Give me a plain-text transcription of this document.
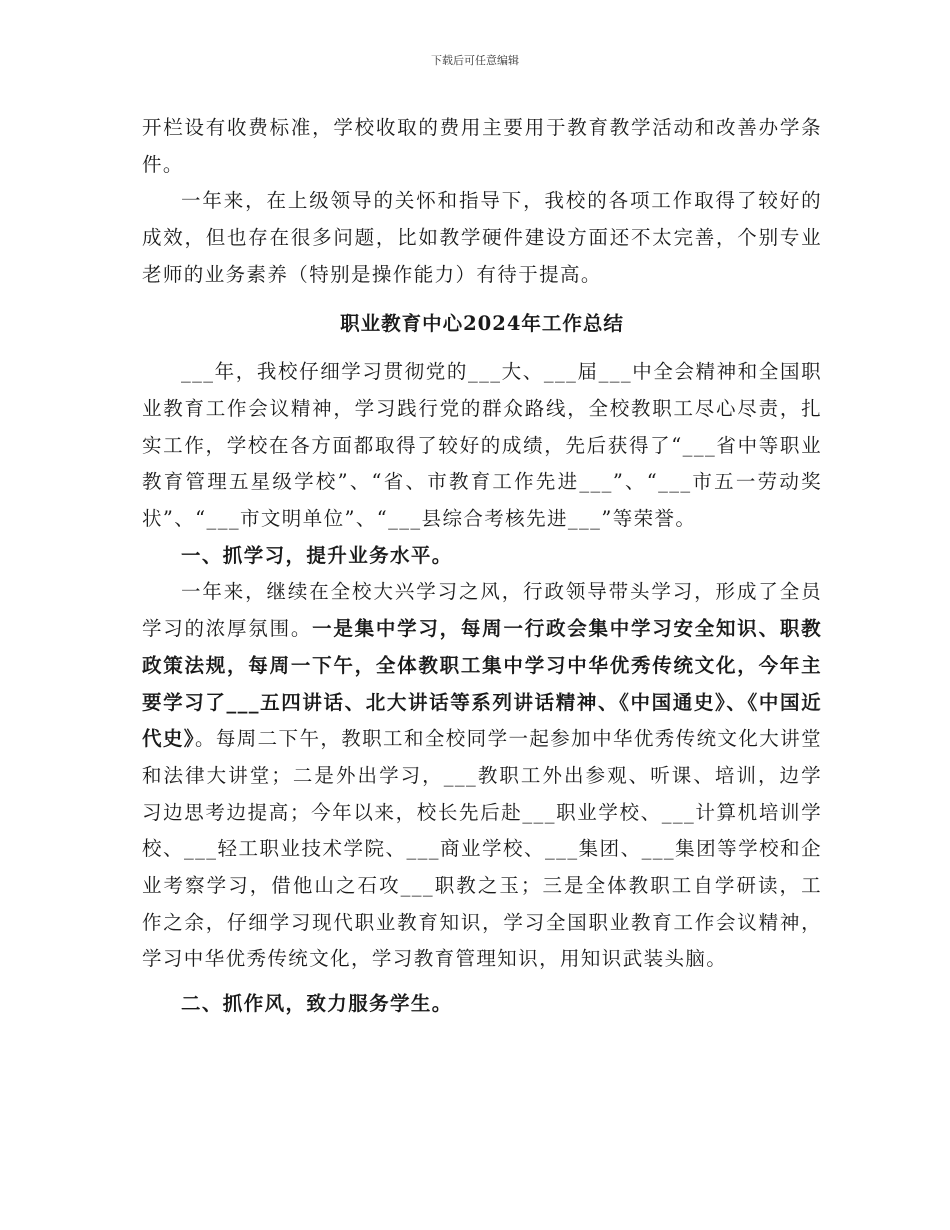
下载后可任意编辑

开栏设有收费标准，学校收取的费用主要用于教育教学活动和改善办学条件。

一年来，在上级领导的关怀和指导下，我校的各项工作取得了较好的成效，但也存在很多问题，比如教学硬件建设方面还不太完善，个别专业老师的业务素养（特别是操作能力）有待于提高。

职业教育中心2024年工作总结

___年，我校仔细学习贯彻党的___大、___届___中全会精神和全国职业教育工作会议精神，学习践行党的群众路线，全校教职工尽心尽责，扎实工作，学校在各方面都取得了较好的成绩，先后获得了“___省中等职业教育管理五星级学校”、“省、市教育工作先进___”、“___市五一劳动奖状”、“___市文明单位”、“___县综合考核先进___”等荣誉。

一、抓学习，提升业务水平。

一年来，继续在全校大兴学习之风，行政领导带头学习，形成了全员学习的浓厚氛围。一是集中学习，每周一行政会集中学习安全知识、职教政策法规，每周一下午，全体教职工集中学习中华优秀传统文化，今年主要学习了___五四讲话、北大讲话等系列讲话精神、《中国通史》、《中国近代史》。每周二下午，教职工和全校同学一起参加中华优秀传统文化大讲堂和法律大讲堂；二是外出学习，___教职工外出参观、听课、培训，边学习边思考边提高；今年以来，校长先后赴___职业学校、___计算机培训学校、___轻工职业技术学院、___商业学校、___集团、___集团等学校和企业考察学习，借他山之石攻___职教之玉；三是全体教职工自学研读，工作之余，仔细学习现代职业教育知识，学习全国职业教育工作会议精神，学习中华优秀传统文化，学习教育管理知识，用知识武装头脑。

二、抓作风，致力服务学生。
